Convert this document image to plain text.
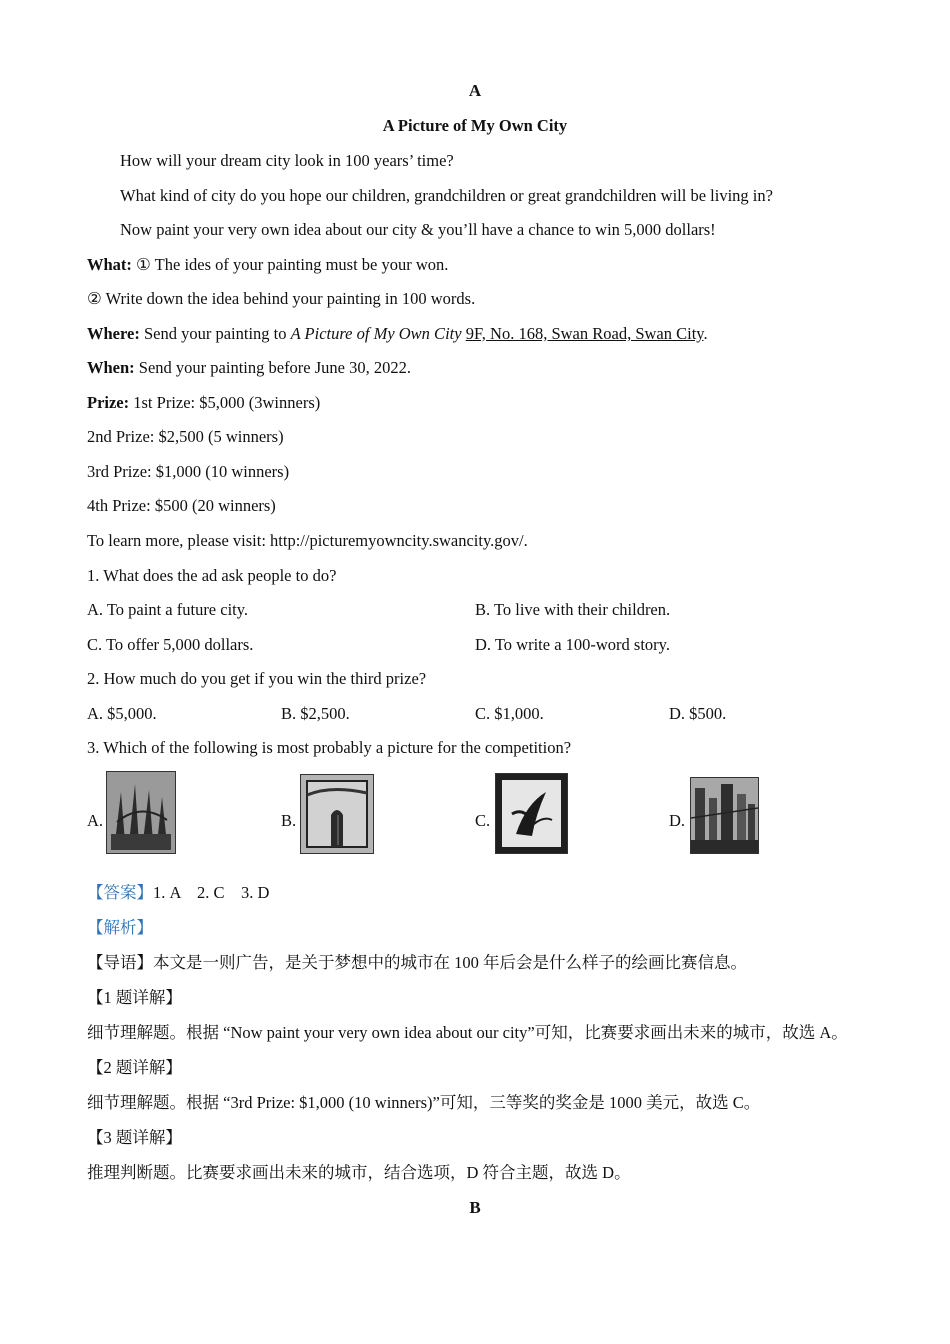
A
A Picture of My Own City
How will your dream city look in 100 years’ time?
What kind of city do you hope our children, grandchildren or great grandchildren will be living in?
Now paint your very own idea about our city & you’ll have a chance to win 5,000 dollars!
What: ① The ides of your painting must be your won.
② Write down the idea behind your painting in 100 words.
Where: Send your painting to A Picture of My Own City 9F, No. 168, Swan Road, Swan City.
When: Send your painting before June 30, 2022.
Prize: 1st Prize: $5,000 (3winners)
2nd Prize: $2,500 (5 winners)
3rd Prize: $1,000 (10 winners)
4th Prize: $500 (20 winners)
To learn more, please visit: http://picturemyowncity.swancity.gov/.
1. What does the ad ask people to do?
A. To paint a future city.	B. To live with their children.
C. To offer 5,000 dollars.	D. To write a 100-word story.
2. How much do you get if you win the third prize?
A. $5,000.	B. $2,500.	C. $1,000.	D. $500.
3. Which of the following is most probably a picture for the competition?
A.	B.	C.	D.
【答案】1. A    2. C    3. D
【解析】
【导语】本文是一则广告，是关于梦想中的城市在 100 年后会是什么样子的绘画比赛信息。
【1 题详解】
细节理解题。根据 “Now paint your very own idea about our city”可知，比赛要求画出未来的城市，故选 A。
【2 题详解】
细节理解题。根据 “3rd Prize: $1,000 (10 winners)”可知，三等奖的奖金是 1000 美元，故选 C。
【3 题详解】
推理判断题。比赛要求画出未来的城市，结合选项，D 符合主题，故选 D。
B
